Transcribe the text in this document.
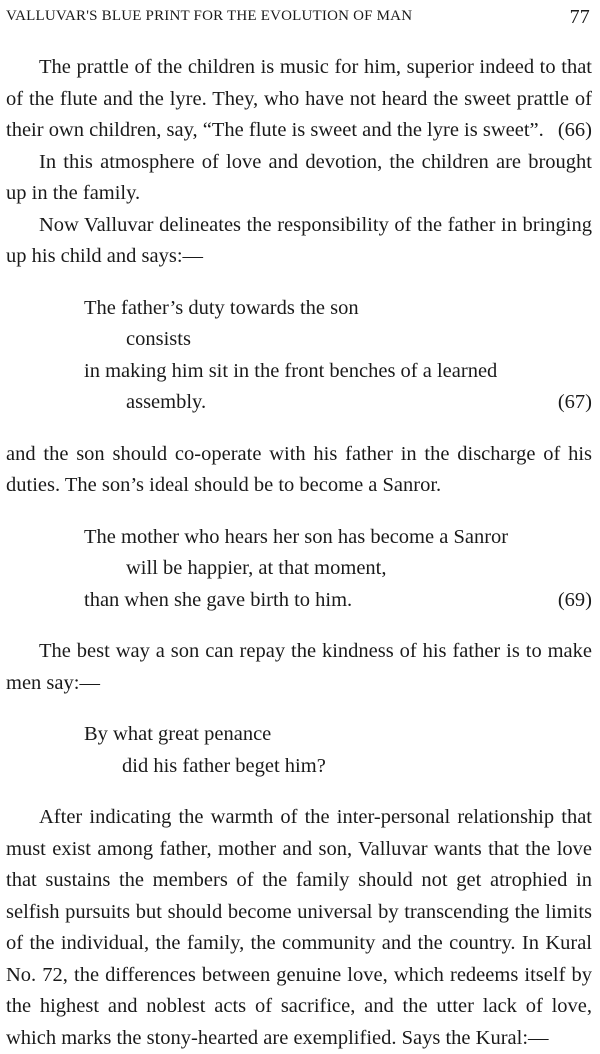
VALLUVAR'S BLUE PRINT FOR THE EVOLUTION OF MAN	77

The prattle of the children is music for him, superior indeed to that of the flute and the lyre. They, who have not heard the sweet prattle of their own children, say, “The flute is sweet and the lyre is sweet”. (66)

In this atmosphere of love and devotion, the children are brought up in the family.

Now Valluvar delineates the responsibility of the father in bringing up his child and says:—

The father’s duty towards the son
consists
in making him sit in the front benches of a learned
assembly.	(67)

and the son should co-operate with his father in the discharge of his duties. The son’s ideal should be to become a Sanror.

The mother who hears her son has become a Sanror
will be happier, at that moment,
than when she gave birth to him.	(69)

The best way a son can repay the kindness of his father is to make men say:—

By what great penance
did his father beget him?

After indicating the warmth of the inter-personal relationship that must exist among father, mother and son, Valluvar wants that the love that sustains the members of the family should not get atrophied in selfish pursuits but should become universal by transcending the limits of the individual, the family, the community and the country. In Kural No. 72, the differences between genuine love, which redeems itself by the highest and noblest acts of sacrifice, and the utter lack of love, which marks the stony-hearted are exemplified. Says the Kural:—
